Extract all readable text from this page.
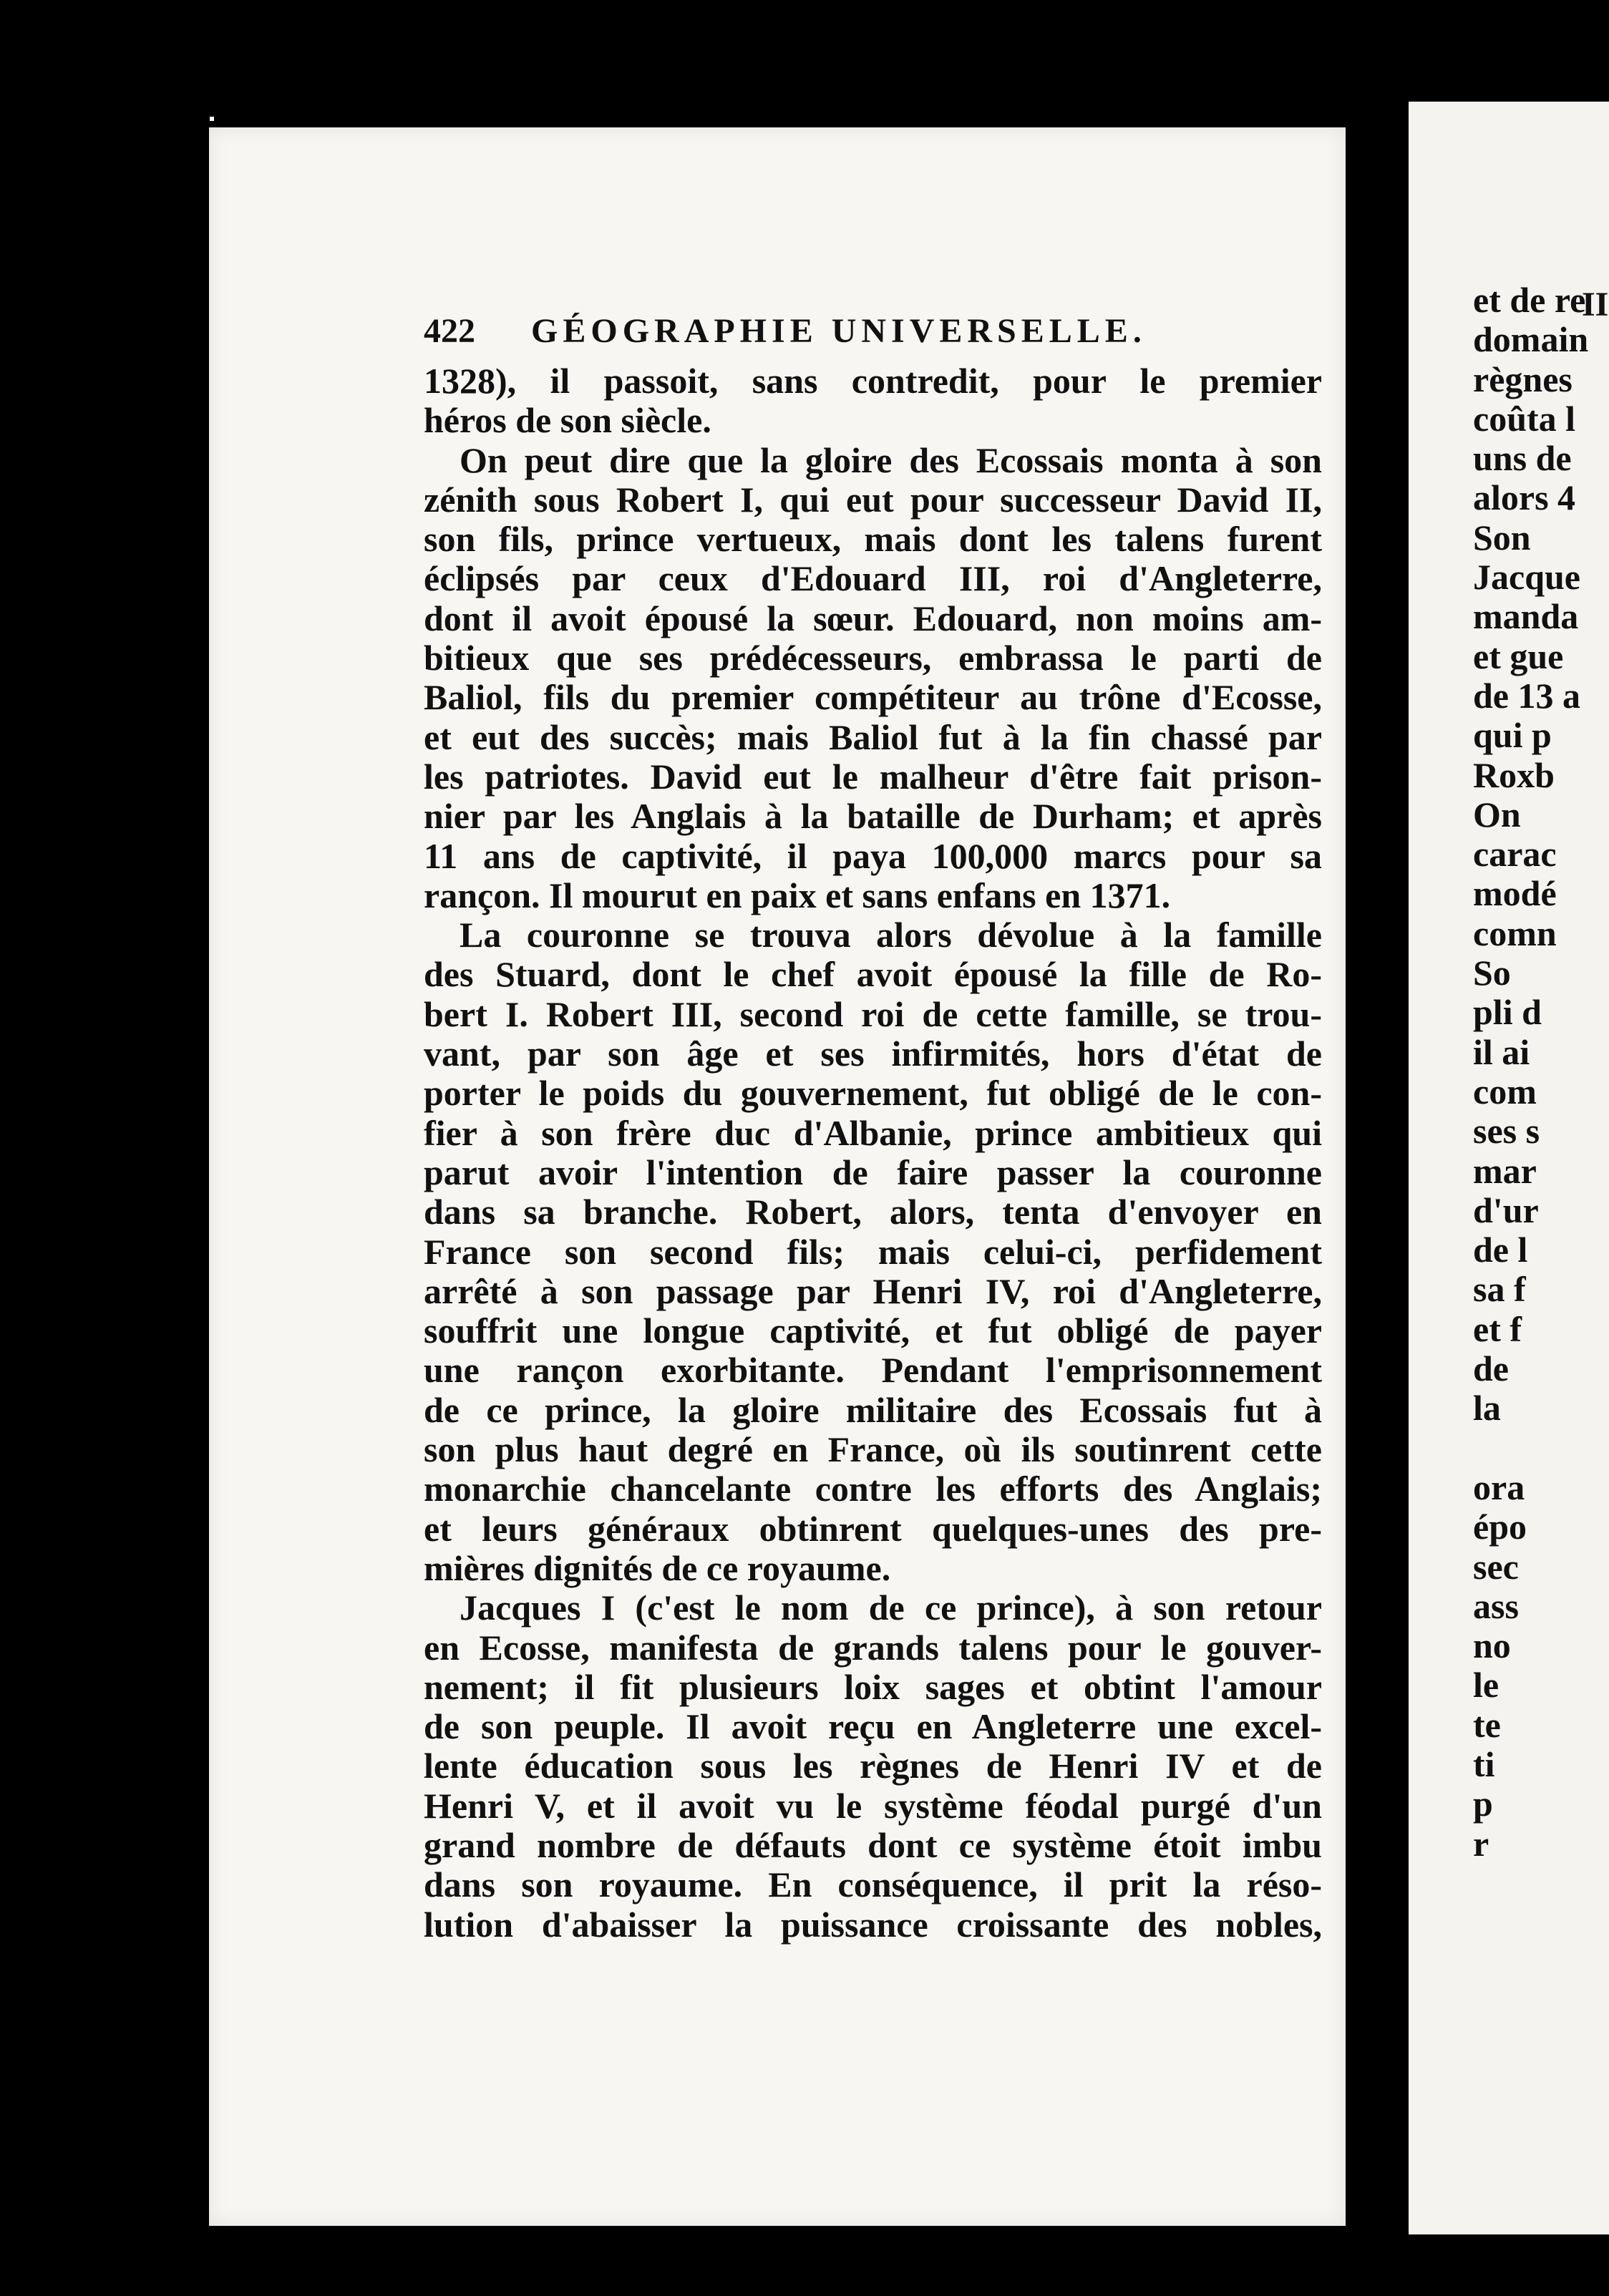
422 GÉOGRAPHIE UNIVERSELLE.
1328), il passoit, sans contredit, pour le premier
héros de son siècle.
On peut dire que la gloire des Ecossais monta à son
zénith sous Robert I, qui eut pour successeur David II,
son fils, prince vertueux, mais dont les talens furent
éclipsés par ceux d'Edouard III, roi d'Angleterre,
dont il avoit épousé la sœur. Edouard, non moins am-
bitieux que ses prédécesseurs, embrassa le parti de
Baliol, fils du premier compétiteur au trône d'Ecosse,
et eut des succès; mais Baliol fut à la fin chassé par
les patriotes. David eut le malheur d'être fait prison-
nier par les Anglais à la bataille de Durham; et après
11 ans de captivité, il paya 100,000 marcs pour sa
rançon. Il mourut en paix et sans enfans en 1371.
La couronne se trouva alors dévolue à la famille
des Stuard, dont le chef avoit épousé la fille de Ro-
bert I. Robert III, second roi de cette famille, se trou-
vant, par son âge et ses infirmités, hors d'état de
porter le poids du gouvernement, fut obligé de le con-
fier à son frère duc d'Albanie, prince ambitieux qui
parut avoir l'intention de faire passer la couronne
dans sa branche. Robert, alors, tenta d'envoyer en
France son second fils; mais celui-ci, perfidement
arrêté à son passage par Henri IV, roi d'Angleterre,
souffrit une longue captivité, et fut obligé de payer
une rançon exorbitante. Pendant l'emprisonnement
de ce prince, la gloire militaire des Ecossais fut à
son plus haut degré en France, où ils soutinrent cette
monarchie chancelante contre les efforts des Anglais;
et leurs généraux obtinrent quelques-unes des pre-
mières dignités de ce royaume.
Jacques I (c'est le nom de ce prince), à son retour
en Ecosse, manifesta de grands talens pour le gouver-
nement; il fit plusieurs loix sages et obtint l'amour
de son peuple. Il avoit reçu en Angleterre une excel-
lente éducation sous les règnes de Henri IV et de
Henri V, et il avoit vu le système féodal purgé d'un
grand nombre de défauts dont ce système étoit imbu
dans son royaume. En conséquence, il prit la réso-
lution d'abaisser la puissance croissante des nobles,
II
et de re
domain
règnes
coûta l
uns de
alors 4
Son
Jacque
manda
et gue
de 13 a
qui p
Roxb
On
carac
modé
comn
So
pli d
il ai
com
ses s
mar
d'ur
de l
sa f
et f
de
la

ora
épo
sec
ass
no
le
te
ti
p
r
